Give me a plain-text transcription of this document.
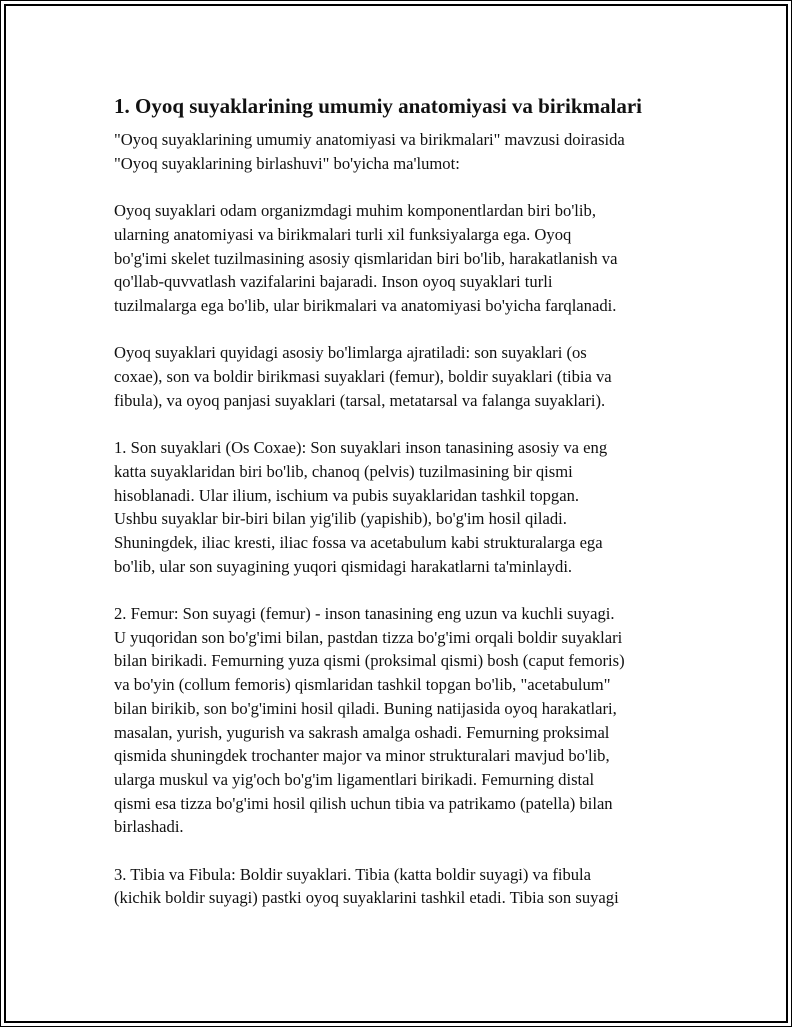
1. Oyoq suyaklarining umumiy anatomiyasi va birikmalari
"Oyoq suyaklarining umumiy anatomiyasi va birikmalari" mavzusi doirasida
"Oyoq suyaklarining birlashuvi" bo'yicha ma'lumot:
Oyoq suyaklari odam organizmdagi muhim komponentlardan biri bo'lib,
ularning anatomiyasi va birikmalari turli xil funksiyalarga ega. Oyoq
bo'g'imi skelet tuzilmasining asosiy qismlaridan biri bo'lib, harakatlanish va
qo'llab-quvvatlash vazifalarini bajaradi. Inson oyoq suyaklari turli
tuzilmalarga ega bo'lib, ular birikmalari va anatomiyasi bo'yicha farqlanadi.
Oyoq suyaklari quyidagi asosiy bo'limlarga ajratiladi: son suyaklari (os
coxae), son va boldir birikmasi suyaklari (femur), boldir suyaklari (tibia va
fibula), va oyoq panjasi suyaklari (tarsal, metatarsal va falanga suyaklari).
1. Son suyaklari (Os Coxae): Son suyaklari inson tanasining asosiy va eng
katta suyaklaridan biri bo'lib, chanoq (pelvis) tuzilmasining bir qismi
hisoblanadi. Ular ilium, ischium va pubis suyaklaridan tashkil topgan.
Ushbu suyaklar bir-biri bilan yig'ilib (yapishib), bo'g'im hosil qiladi.
Shuningdek, iliac kresti, iliac fossa va acetabulum kabi strukturalarga ega
bo'lib, ular son suyagining yuqori qismidagi harakatlarni ta'minlaydi.
2. Femur: Son suyagi (femur) - inson tanasining eng uzun va kuchli suyagi.
U yuqoridan son bo'g'imi bilan, pastdan tizza bo'g'imi orqali boldir suyaklari
bilan birikadi. Femurning yuza qismi (proksimal qismi) bosh (caput femoris)
va bo'yin (collum femoris) qismlaridan tashkil topgan bo'lib, "acetabulum"
bilan birikib, son bo'g'imini hosil qiladi. Buning natijasida oyoq harakatlari,
masalan, yurish, yugurish va sakrash amalga oshadi. Femurning proksimal
qismida shuningdek trochanter major va minor strukturalari mavjud bo'lib,
ularga muskul va yig'och bo'g'im ligamentlari birikadi. Femurning distal
qismi esa tizza bo'g'imi hosil qilish uchun tibia va patrikamo (patella) bilan
birlashadi.
3. Tibia va Fibula: Boldir suyaklari. Tibia (katta boldir suyagi) va fibula
(kichik boldir suyagi) pastki oyoq suyaklarini tashkil etadi. Tibia son suyagi
